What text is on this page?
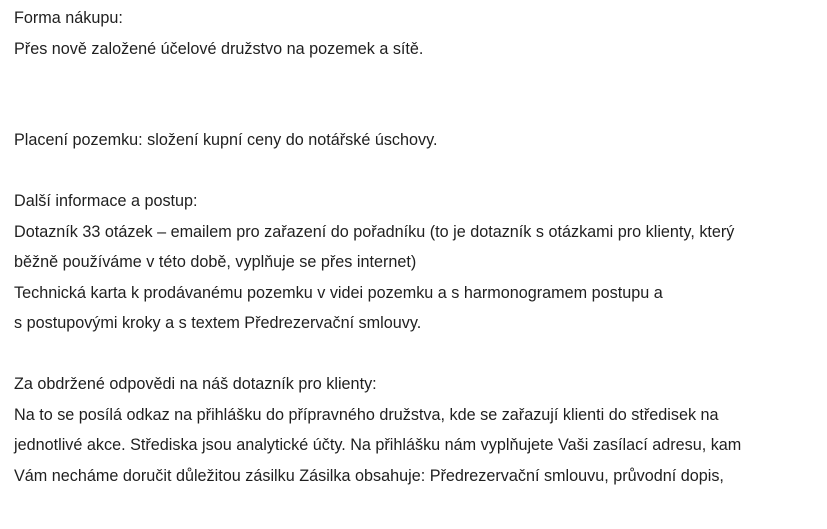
Forma nákupu:
Přes nově založené účelové družstvo na pozemek a sítě.
Placení pozemku: složení kupní ceny do notářské úschovy.
Další informace a postup:
Dotazník 33 otázek – emailem pro zařazení do pořadníku (to je dotazník s otázkami pro klienty, který
běžně používáme v této době, vyplňuje se přes internet)
Technická karta k prodávanému pozemku v videi pozemku a s harmonogramem postupu a
s postupovými kroky a s textem Předrezervační smlouvy.
Za obdržené odpovědi na náš dotazník pro klienty:
Na to se posílá odkaz na přihlášku do přípravného družstva, kde se zařazují klienti do středisek na
jednotlivé akce. Střediska jsou analytické účty. Na přihlášku nám vyplňujete Vaši zasílací adresu, kam
Vám necháme doručit důležitou zásilku Zásilka obsahuje: Předrezervační smlouvu, průvodní dopis,
